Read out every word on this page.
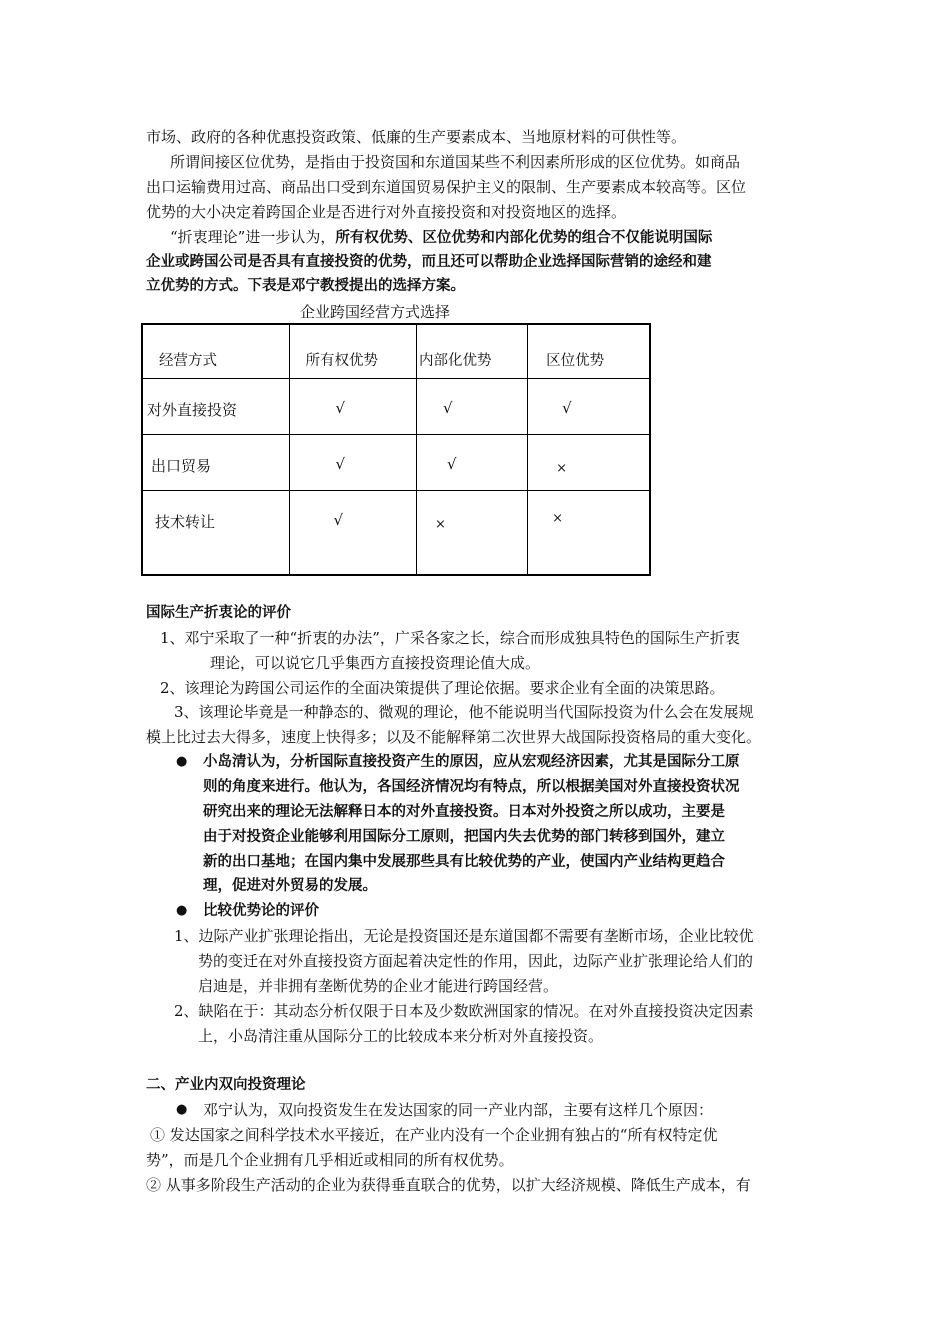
市场、政府的各种优惠投资政策、低廉的生产要素成本、当地原材料的可供性等。
所谓间接区位优势，是指由于投资国和东道国某些不利因素所形成的区位优势。如商品
出口运输费用过高、商品出口受到东道国贸易保护主义的限制、生产要素成本较高等。区位
优势的大小决定着跨国企业是否进行对外直接投资和对投资地区的选择。
“折衷理论”进一步认为，所有权优势、区位优势和内部化优势的组合不仅能说明国际
企业或跨国公司是否具有直接投资的优势，而且还可以帮助企业选择国际营销的途经和建
立优势的方式。下表是邓宁教授提出的选择方案。
企业跨国经营方式选择
经营方式	所有权优势	内部化优势	区位优势

对外直接投资	√	√	√

出口贸易	√	√	×

技术转让	√	×	×
国际生产折衷论的评价
1、邓宁采取了一种“折衷的办法”，广采各家之长，综合而形成独具特色的国际生产折衷
理论，可以说它几乎集西方直接投资理论值大成。
2、该理论为跨国公司运作的全面决策提供了理论依据。要求企业有全面的决策思路。
3、该理论毕竟是一种静态的、微观的理论，他不能说明当代国际投资为什么会在发展规
模上比过去大得多，速度上快得多；以及不能解释第二次世界大战国际投资格局的重大变化。
● 小岛清认为，分析国际直接投资产生的原因，应从宏观经济因素，尤其是国际分工原
则的角度来进行。他认为，各国经济情况均有特点，所以根据美国对外直接投资状况
研究出来的理论无法解释日本的对外直接投资。日本对外投资之所以成功，主要是
由于对投资企业能够利用国际分工原则，把国内失去优势的部门转移到国外，建立
新的出口基地；在国内集中发展那些具有比较优势的产业，使国内产业结构更趋合
理，促进对外贸易的发展。
● 比较优势论的评价
1、边际产业扩张理论指出，无论是投资国还是东道国都不需要有垄断市场，企业比较优
势的变迁在对外直接投资方面起着决定性的作用，因此，边际产业扩张理论给人们的
启迪是，并非拥有垄断优势的企业才能进行跨国经营。
2、缺陷在于：其动态分析仅限于日本及少数欧洲国家的情况。在对外直接投资决定因素
上，小岛清注重从国际分工的比较成本来分析对外直接投资。
二、产业内双向投资理论
● 邓宁认为，双向投资发生在发达国家的同一产业内部，主要有这样几个原因：
① 发达国家之间科学技术水平接近，在产业内没有一个企业拥有独占的“所有权特定优
势”，而是几个企业拥有几乎相近或相同的所有权优势。
② 从事多阶段生产活动的企业为获得垂直联合的优势，以扩大经济规模、降低生产成本，有
